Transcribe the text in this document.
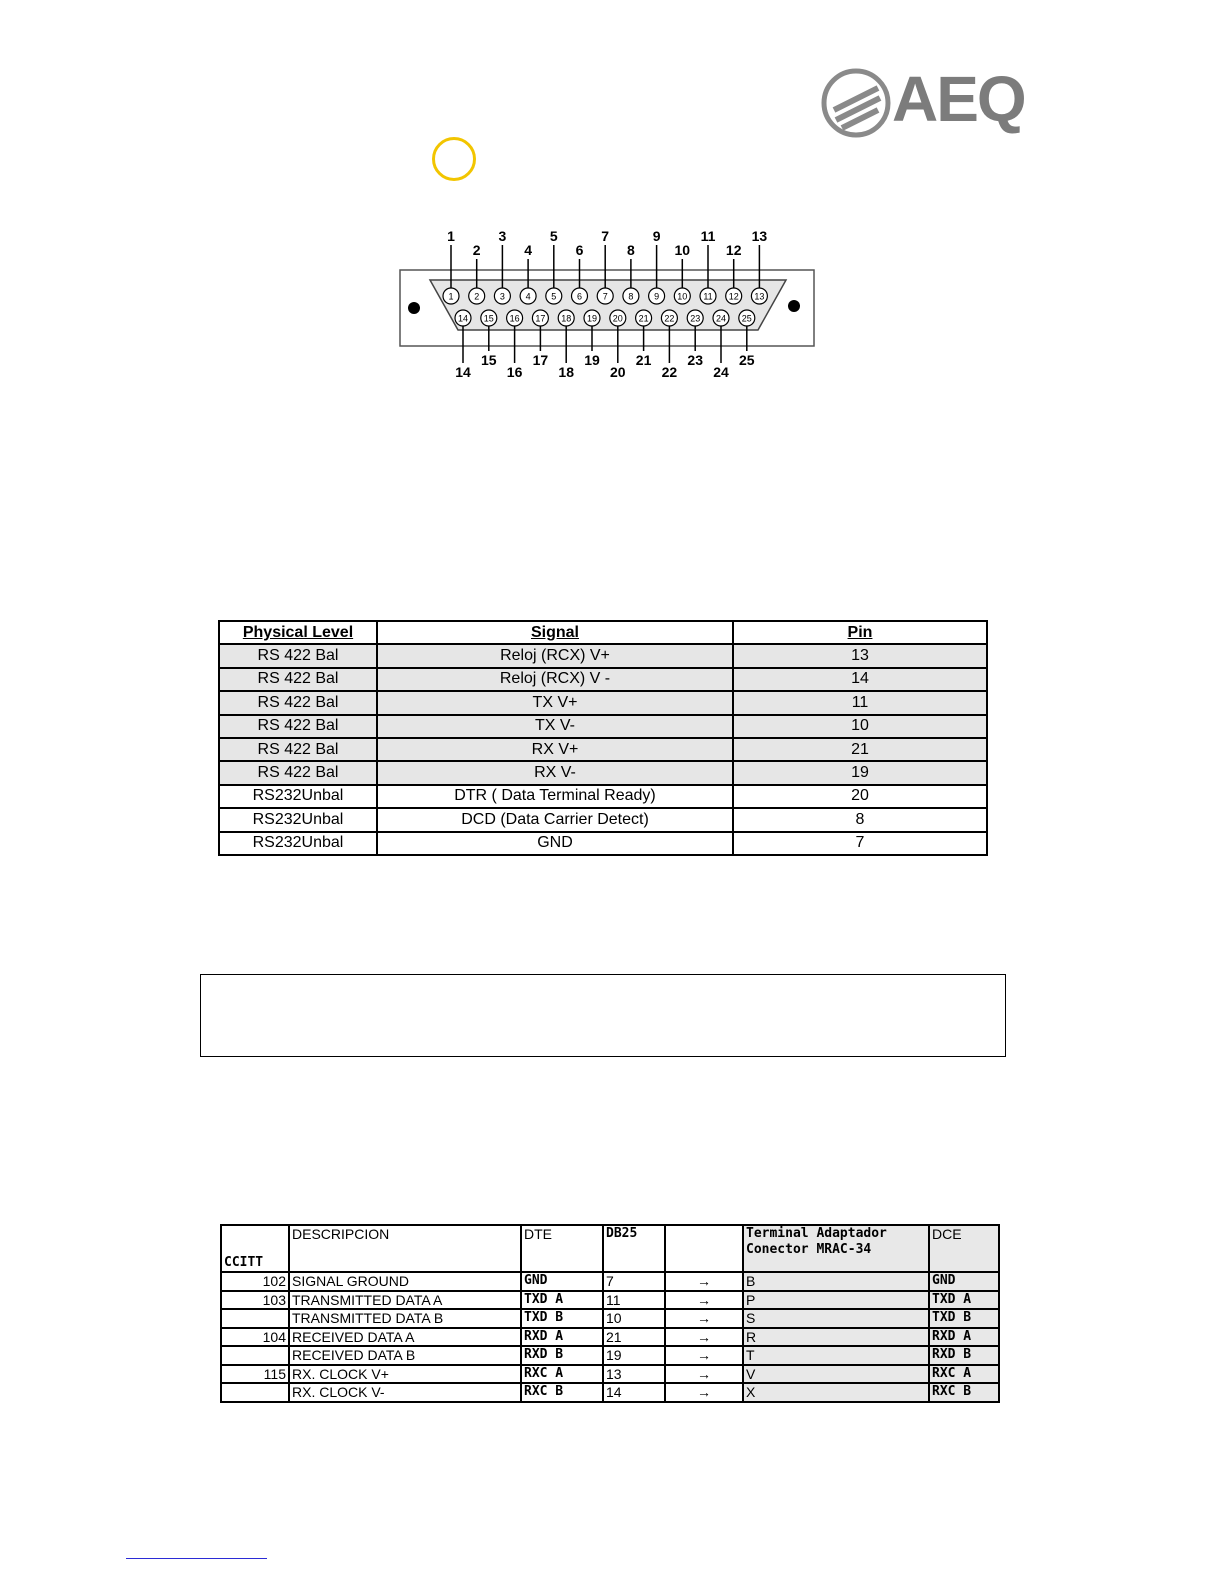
AEQ
1
1
2
2
3
3
4
4
5
5
6
6
7
7
8
8
9
9
10
10
11
11
12
12
13
13
14
14
15
15
16
16
17
17
18
18
19
19
20
20
21
21
22
22
23
23
24
24
25
25
Physical Level	Signal	Pin
RS 422 Bal	Reloj (RCX) V+	13
RS 422 Bal	Reloj (RCX) V -	14
RS 422 Bal	TX V+	11
RS 422 Bal	TX V-	10
RS 422 Bal	RX V+	21
RS 422 Bal	RX V-	19
RS232Unbal	DTR ( Data Terminal Ready)	20
RS232Unbal	DCD (Data Carrier Detect)	8
RS232Unbal	GND	7
CCITT	DESCRIPCION	DTE	DB25		Terminal Adaptador Conector MRAC-34	DCE
102	SIGNAL GROUND	GND	7	→	B	GND
103	TRANSMITTED DATA A	TXD A	11	→	P	TXD A
	TRANSMITTED DATA B	TXD B	10	→	S	TXD B
104	RECEIVED DATA A	RXD A	21	→	R	RXD A
	RECEIVED DATA B	RXD B	19	→	T	RXD B
115	RX. CLOCK V+	RXC A	13	→	V	RXC A
	RX. CLOCK V-	RXC B	14	→	X	RXC B
